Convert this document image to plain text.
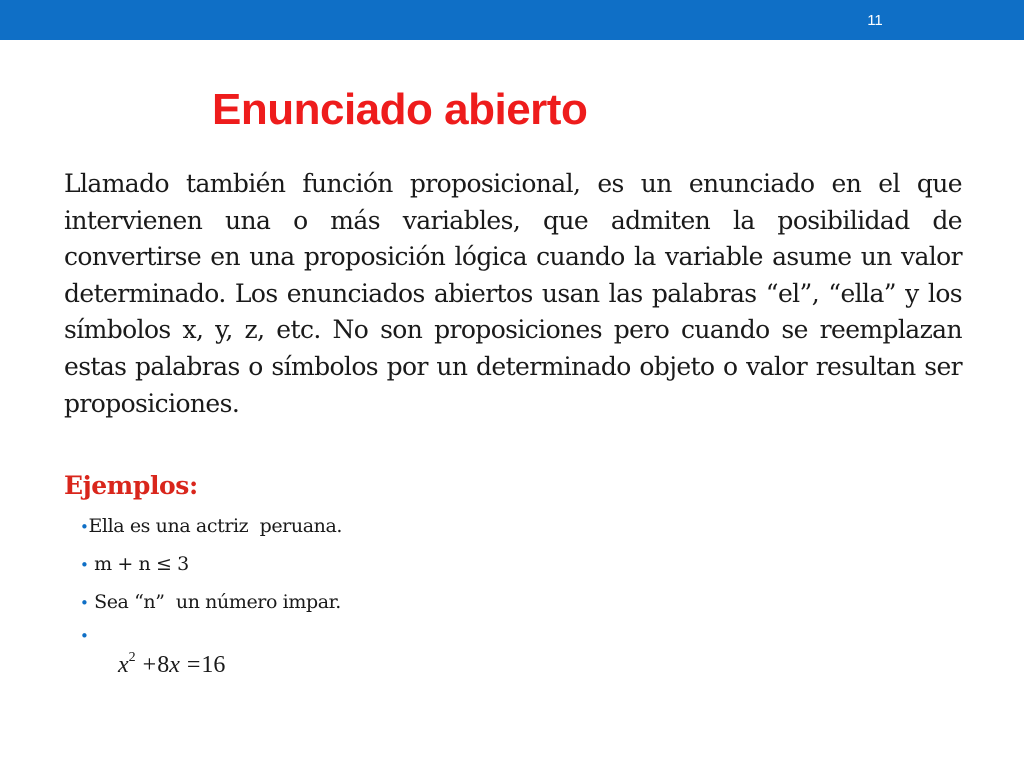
11
Enunciado abierto

Llamado también función proposicional, es un enunciado en el que intervienen una o más variables, que admiten la posibilidad de convertirse en una proposición lógica cuando la variable asume un valor determinado. Los enunciados abiertos usan las palabras “el”, “ella” y los símbolos x, y, z, etc. No son proposiciones pero cuando se reemplazan estas palabras o símbolos por un determinado objeto o valor resultan ser proposiciones.

Ejemplos:
•Ella es una actriz  peruana.
• m + n ≤ 3
• Sea “n”  un número impar.
•
$x^2 +8x =16$
